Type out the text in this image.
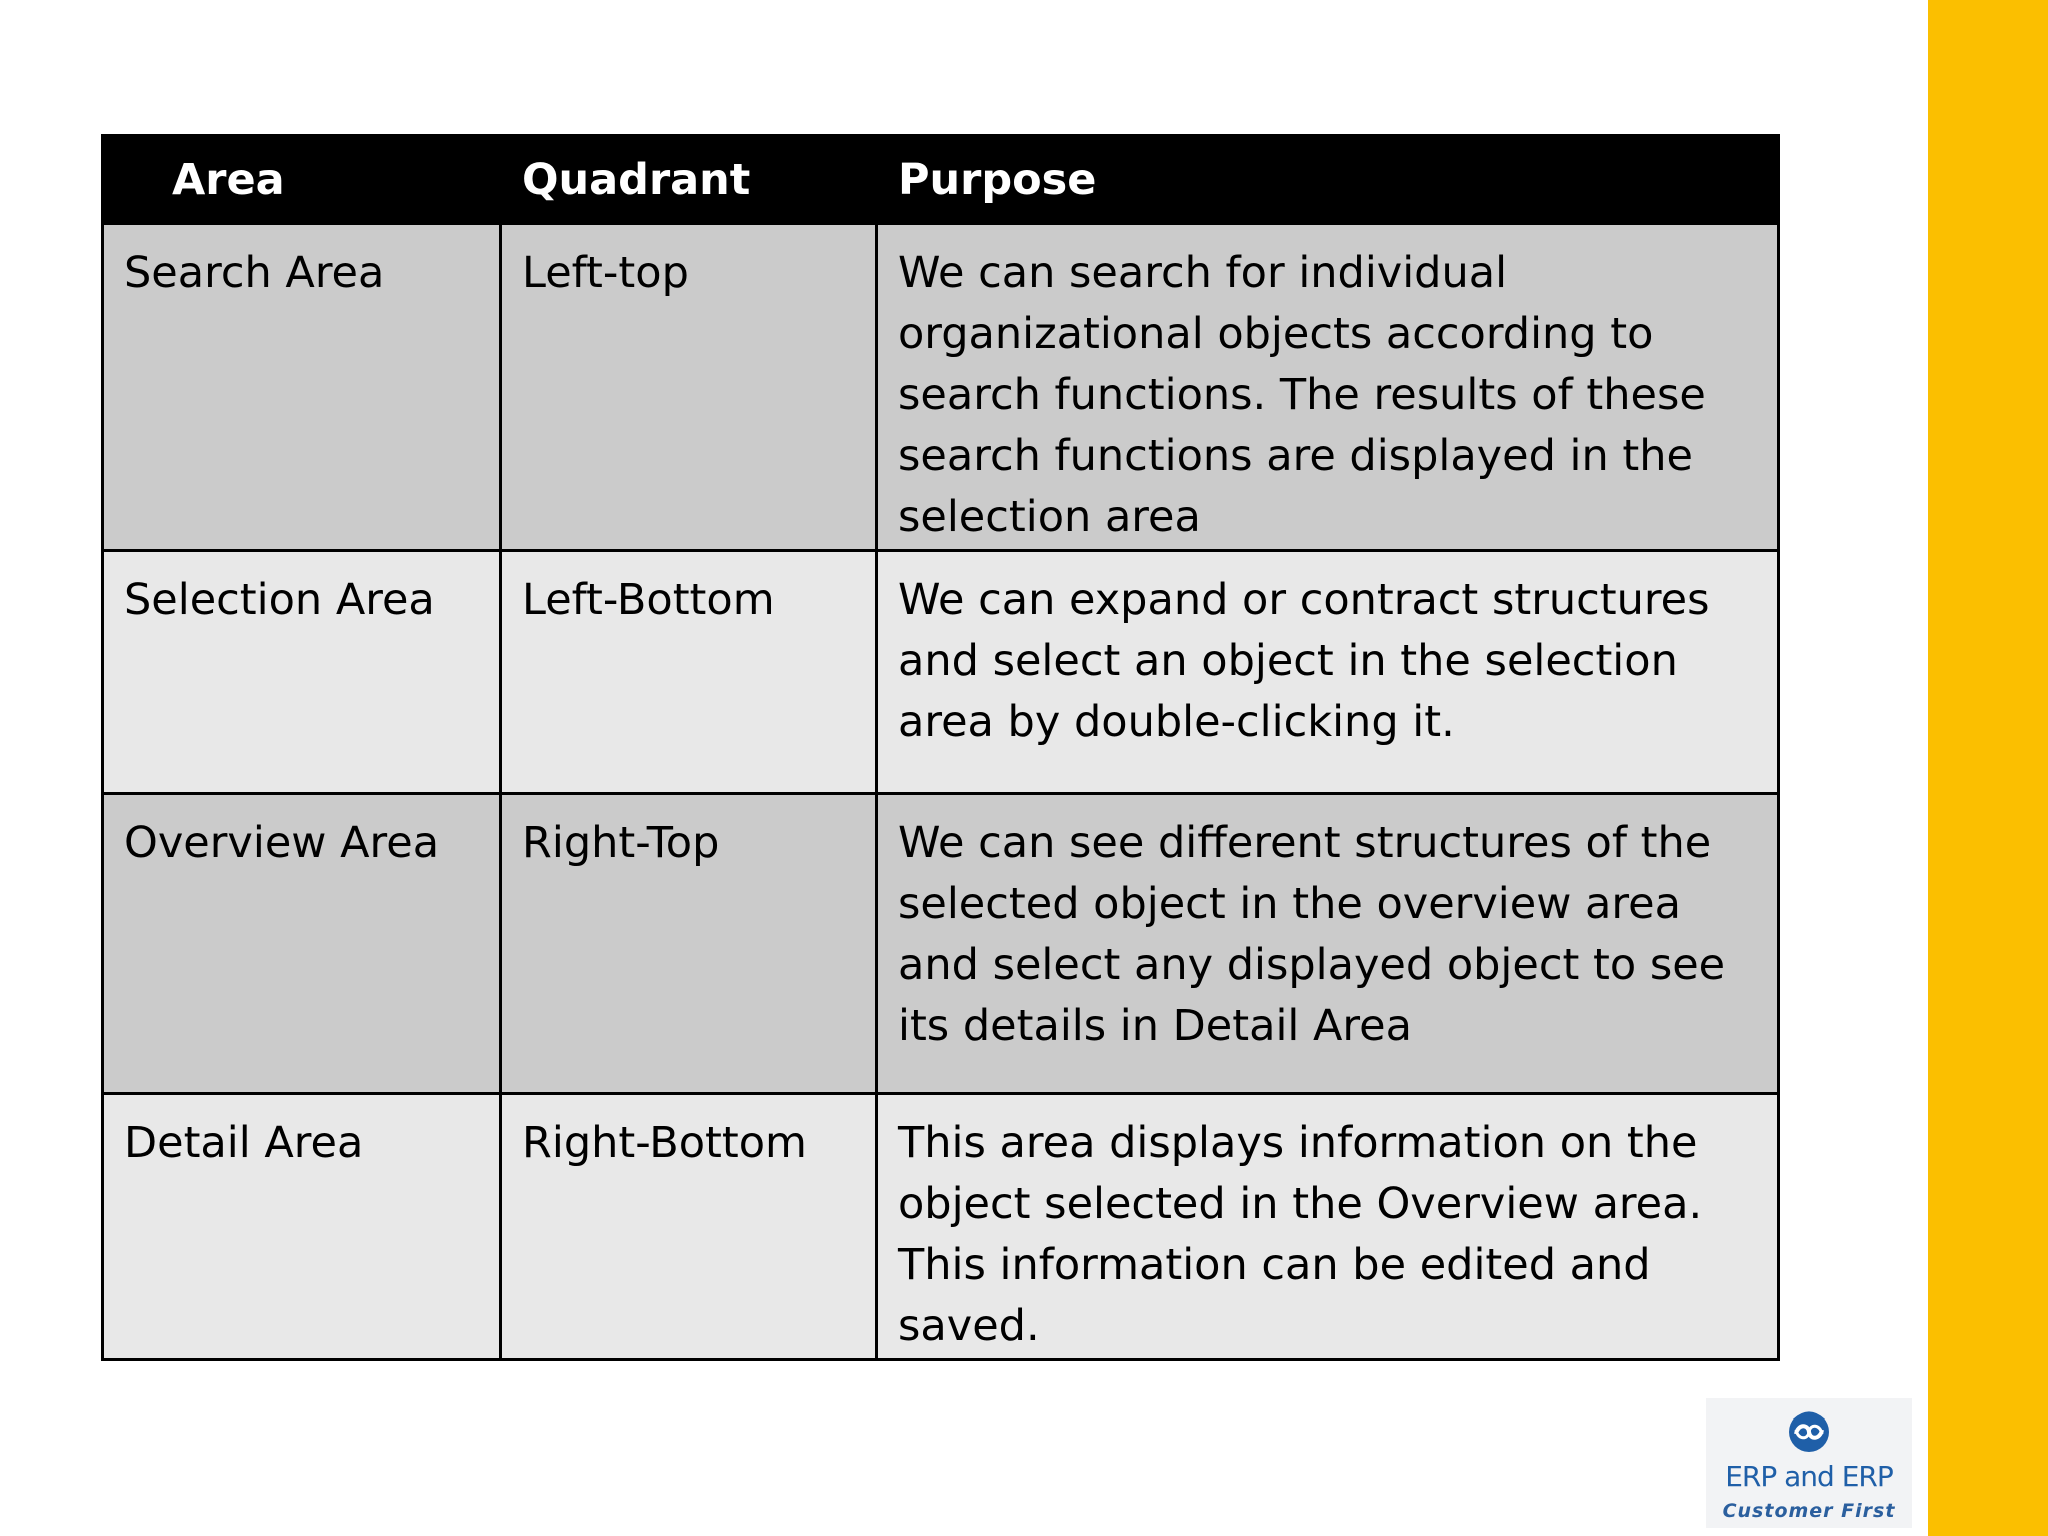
Area	Quadrant	Purpose
Search Area	Left-top	We can search for individual organizational objects according to search functions. The results of these search functions are displayed in the selection area
Selection Area	Left-Bottom	We can expand or contract structures and select an object in the selection area by double-clicking it.
Overview Area	Right-Top	We can see different structures of the selected object in the overview area and select any displayed object to see its details in Detail Area
Detail Area	Right-Bottom	This area displays information on the object selected in the Overview area. This information can be edited and saved.
ERP and ERP
Customer First
